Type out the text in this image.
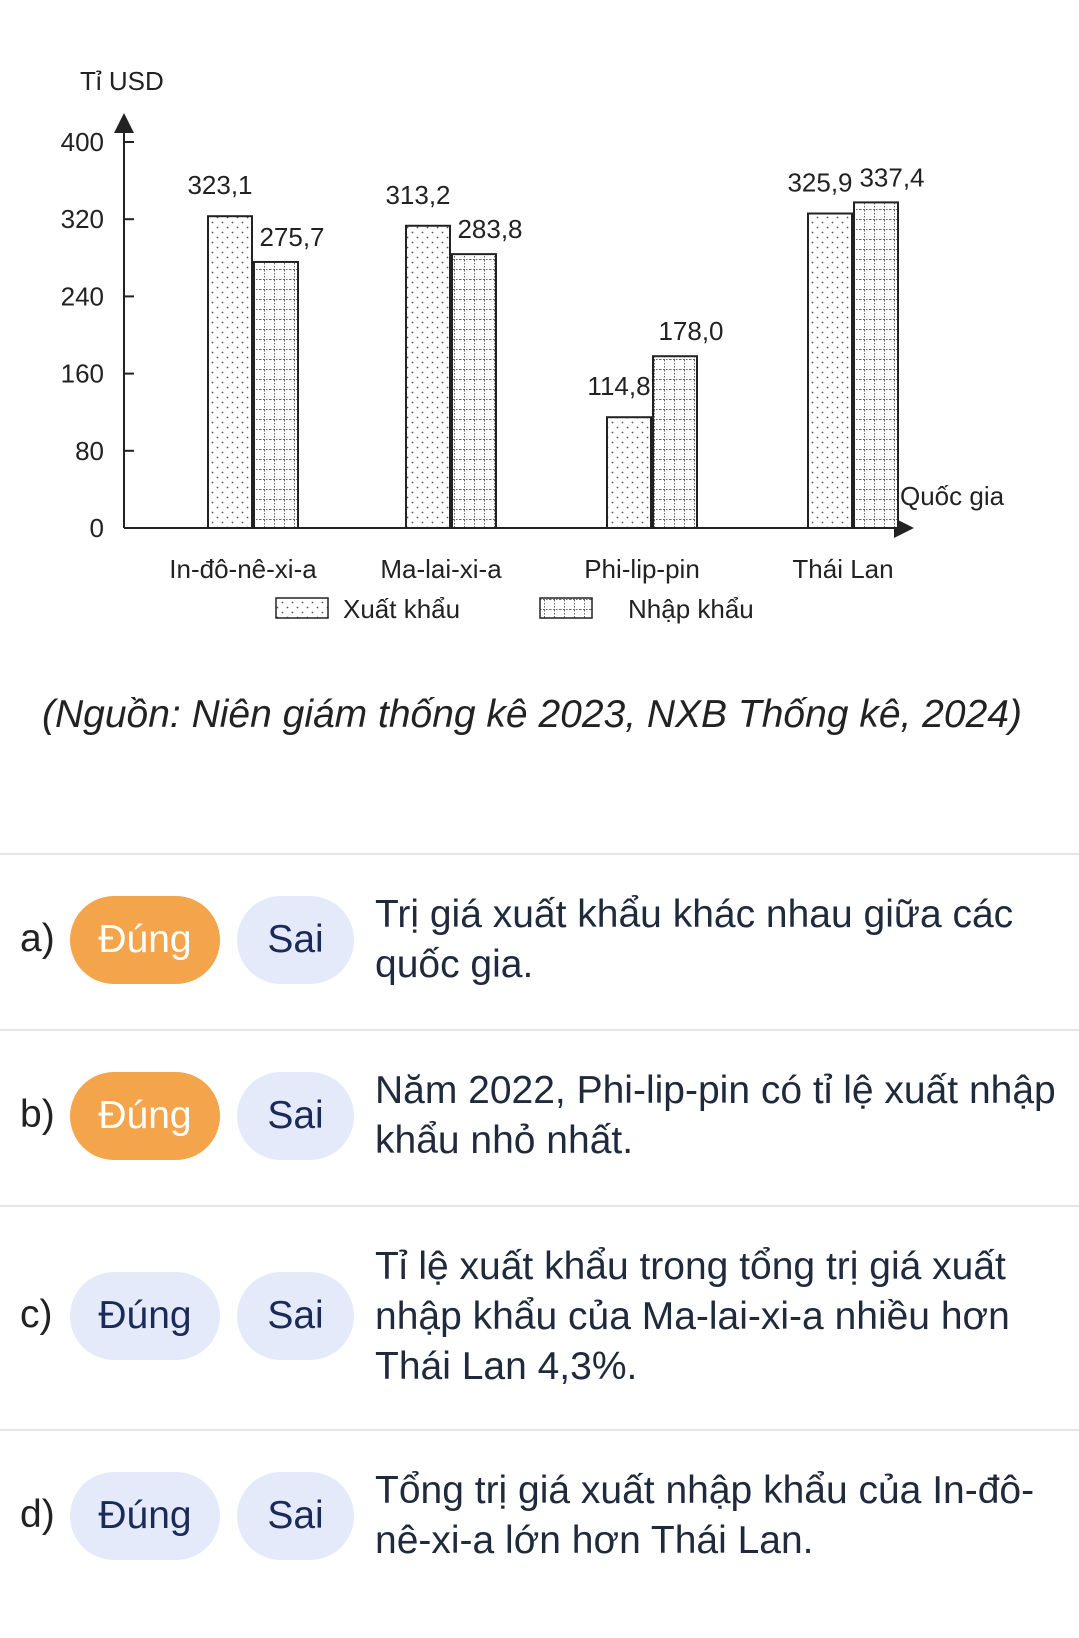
Tỉ USD
Quốc gia
0
80
160
240
320
400
323,1
275,7
313,2
283,8
114,8
178,0
325,9 337,4
In-đô-nê-xi-a Ma-lai-xi-a	Phi-lip-pin	Thái Lan
Xuất khẩu	Nhập khẩu
(Nguồn: Niên giám thống kê 2023, NXB Thống kê, 2024)
a)	Đúng	Sai
Trị giá xuất khẩu khác nhau giữa các quốc gia.
b)	Đúng	Sai
Năm 2022, Phi-lip-pin có tỉ lệ xuất nhập khẩu nhỏ nhất.
c)	Đúng	Sai
Tỉ lệ xuất khẩu trong tổng trị giá xuất nhập khẩu của Ma-lai-xi-a nhiều hơn Thái Lan 4,3%.
d)	Đúng	Sai
Tổng trị giá xuất nhập khẩu của In-đô-nê-xi-a lớn hơn Thái Lan.
